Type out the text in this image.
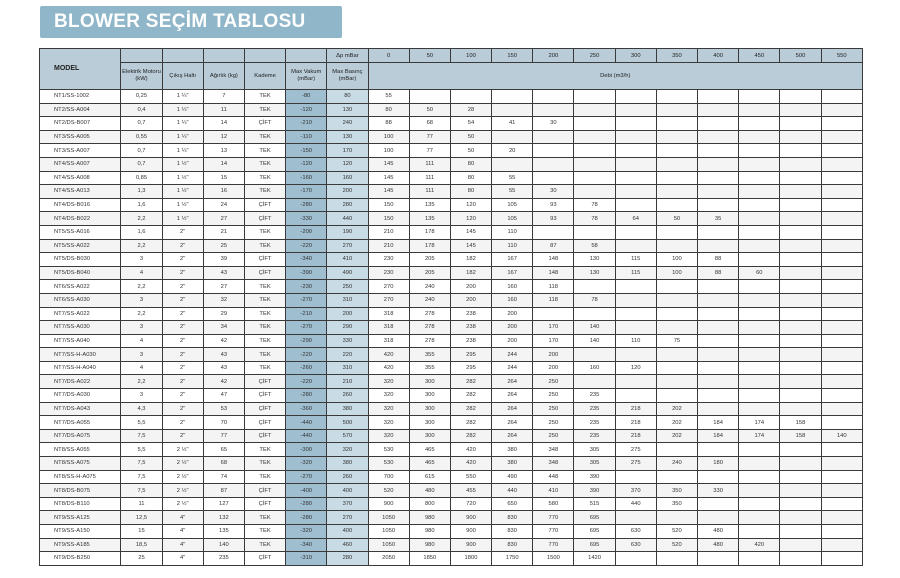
BLOWER SEÇİM TABLOSU
MODEL						Δp mBar	0	50	100	150	200	250	300	350	400	450	500	550
	Elektrik Motoru (kW)	Çıkış Haltı	Ağırlık (kg)	Kademe	Max Vakum (mBar)	Max Basınç (mBar)	Debi (m3/h)											
NT1/SS-1002	0,25	1 ¼"	7	TEK	-80	80	55											
NT2/SS-A004	0,4	1 ¼"	11	TEK	-120	130	80	50	28									
NT2/DS-B007	0,7	1 ¼"	14	ÇİFT	-210	240	88	68	54	41	30							
NT3/SS-A005	0,55	1 ¼"	12	TEK	-110	130	100	77	50									
NT3/SS-A007	0,7	1 ¼"	13	TEK	-150	170	100	77	50	20								
NT4/SS-A007	0,7	1 ½"	14	TEK	-120	120	145	111	80									
NT4/SS-A008	0,85	1 ½"	15	TEK	-160	160	145	111	80	55								
NT4/SS-A013	1,3	1 ½"	16	TEK	-170	200	145	111	80	55	30							
NT4/DS-B016	1,6	1 ½"	24	ÇİFT	-280	280	150	135	120	105	93	78						
NT4/DS-B022	2,2	1 ½"	27	ÇİFT	-330	440	150	135	120	105	93	78	64	50	35			
NT5/SS-A016	1,6	2"	21	TEK	-200	190	210	178	145	110								
NT5/SS-A022	2,2	2"	25	TEK	-220	270	210	178	145	110	87	58						
NT5/DS-B030	3	2"	39	ÇİFT	-340	410	230	205	182	167	148	130	115	100	88			
NT5/DS-B040	4	2"	43	ÇİFT	-390	490	230	205	182	167	148	130	115	100	88	60		
NT6/SS-A022	2,2	2"	27	TEK	-230	250	270	240	200	160	118							
NT6/SS-A030	3	2"	32	TEK	-270	310	270	240	200	160	118	78						
NT7/SS-A022	2,2	2"	29	TEK	-210	200	318	278	238	200								
NT7/SS-A030	3	2"	34	TEK	-270	290	318	278	238	200	170	140						
NT7/SS-A040	4	2"	42	TEK	-290	330	318	278	238	200	170	140	110	75				
NT7/SS-H-A030	3	2"	43	TEK	-220	220	420	355	295	244	200							
NT7/SS-H-A040	4	2"	43	TEK	-260	310	420	355	295	244	200	160	120					
NT7/DS-A022	2,2	2"	42	ÇİFT	-220	210	320	300	282	264	250							
NT7/DS-A030	3	2"	47	ÇİFT	-280	260	320	300	282	264	250	235						
NT7/DS-A043	4,3	2"	53	ÇİFT	-360	380	320	300	282	264	250	235	218	202				
NT7/DS-A055	5,5	2"	70	ÇİFT	-440	500	320	300	282	264	250	235	218	202	184	174	158	
NT7/DS-A075	7,5	2"	77	ÇİFT	-440	570	320	300	282	264	250	235	218	202	184	174	158	140
NT8/SS-A055	5,5	2 ½"	65	TEK	-300	320	530	465	420	380	348	305	275					
NT8/SS-A075	7,5	2 ½"	68	TEK	-320	380	530	465	420	380	348	305	275	240	180			
NT8/SS-H-A075	7,5	2 ½"	74	TEK	-270	260	700	615	550	490	448	390						
NT8/DS-B075	7,5	2 ½"	87	ÇİFT	-400	400	520	480	455	440	410	390	370	350	330			
NT8/DS-B110	11	2 ½"	127	ÇİFT	-280	370	900	800	720	650	580	515	440	350				
NT9/SS-A125	12,5	4"	132	TEK	-280	270	1050	980	900	830	770	695						
NT9/SS-A150	15	4"	135	TEK	-320	400	1050	980	900	830	770	695	630	520	480			
NT9/SS-A185	18,5	4"	140	TEK	-340	460	1050	980	900	830	770	695	630	520	480	420		
NT9/DS-B250	25	4"	235	ÇİFT	-310	280	2050	1850	1800	1750	1500	1420						
